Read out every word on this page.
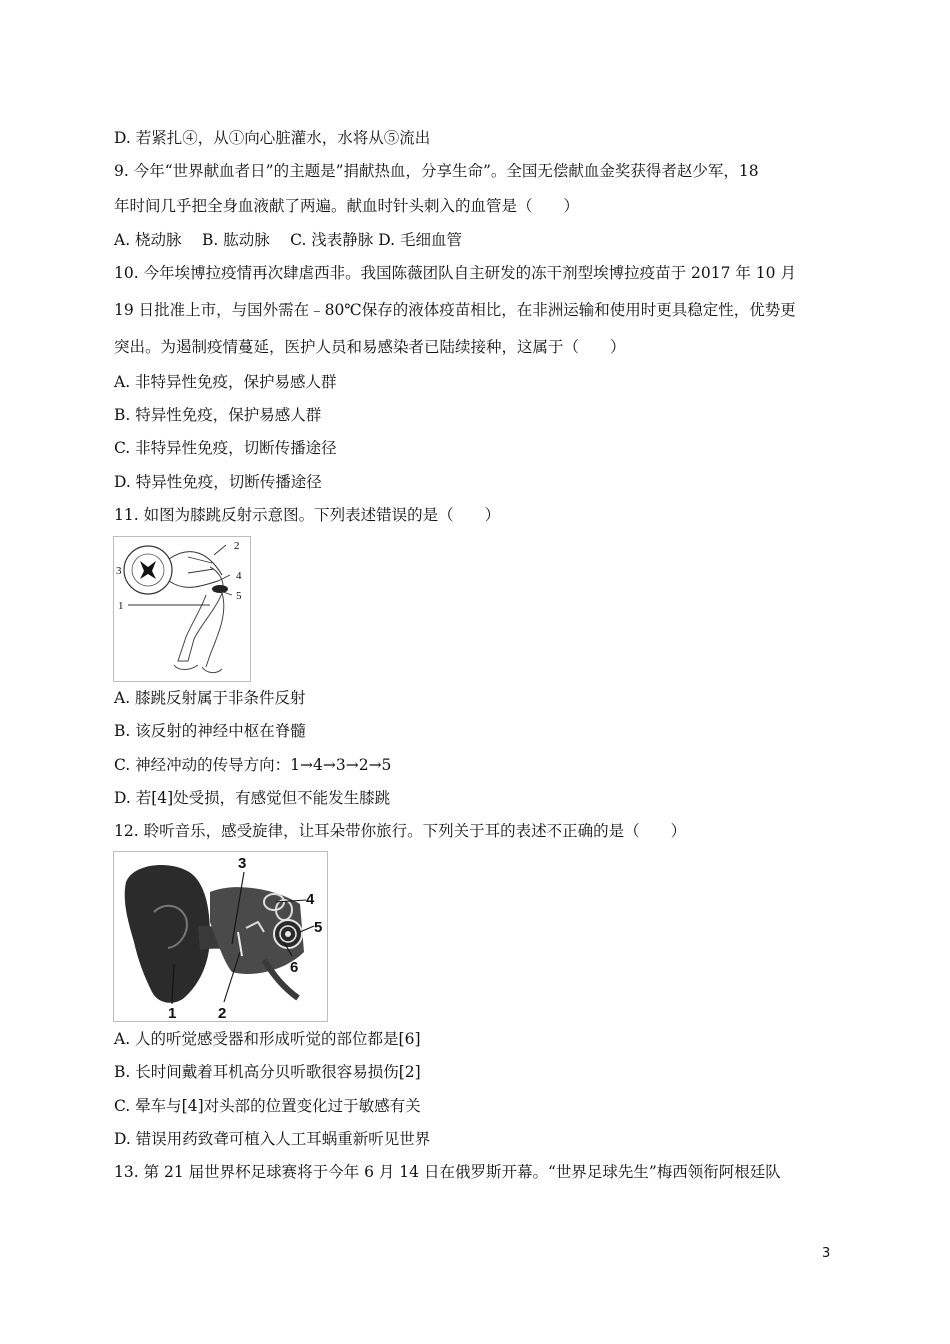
D. 若紧扎④，从①向心脏灌水，水将从⑤流出
9. 今年“世界献血者日”的主题是”捐献热血，分享生命”。全国无偿献血金奖获得者赵少军，18
年时间几乎把全身血液献了两遍。献血时针头刺入的血管是（　　）
A. 桡动脉　 B. 肱动脉　 C. 浅表静脉 D. 毛细血管
10. 今年埃博拉疫情再次肆虐西非。我国陈薇团队自主研发的冻干剂型埃博拉疫苗于 2017 年 10 月
19 日批准上市，与国外需在﹣80℃保存的液体疫苗相比，在非洲运输和使用时更具稳定性，优势更
突出。为遏制疫情蔓延，医护人员和易感染者已陆续接种，这属于（　　）
A. 非特异性免疫，保护易感人群
B. 特异性免疫，保护易感人群
C. 非特异性免疫，切断传播途径
D. 特异性免疫，切断传播途径
11. 如图为膝跳反射示意图。下列表述错误的是（　　）
2
3	4
5
1
A. 膝跳反射属于非条件反射
B. 该反射的神经中枢在脊髓
C. 神经冲动的传导方向：1→4→3→2→5
D. 若[4]处受损，有感觉但不能发生膝跳
12. 聆听音乐，感受旋律，让耳朵带你旅行。下列关于耳的表述不正确的是（　　）
3
4
5
6
1	2
A. 人的听觉感受器和形成听觉的部位都是[6]
B. 长时间戴着耳机高分贝听歌很容易损伤[2]
C. 晕车与[4]对头部的位置变化过于敏感有关
D. 错误用药致聋可植入人工耳蜗重新听见世界
13. 第 21 届世界杯足球赛将于今年 6 月 14 日在俄罗斯开幕。“世界足球先生”梅西领衔阿根廷队
3
